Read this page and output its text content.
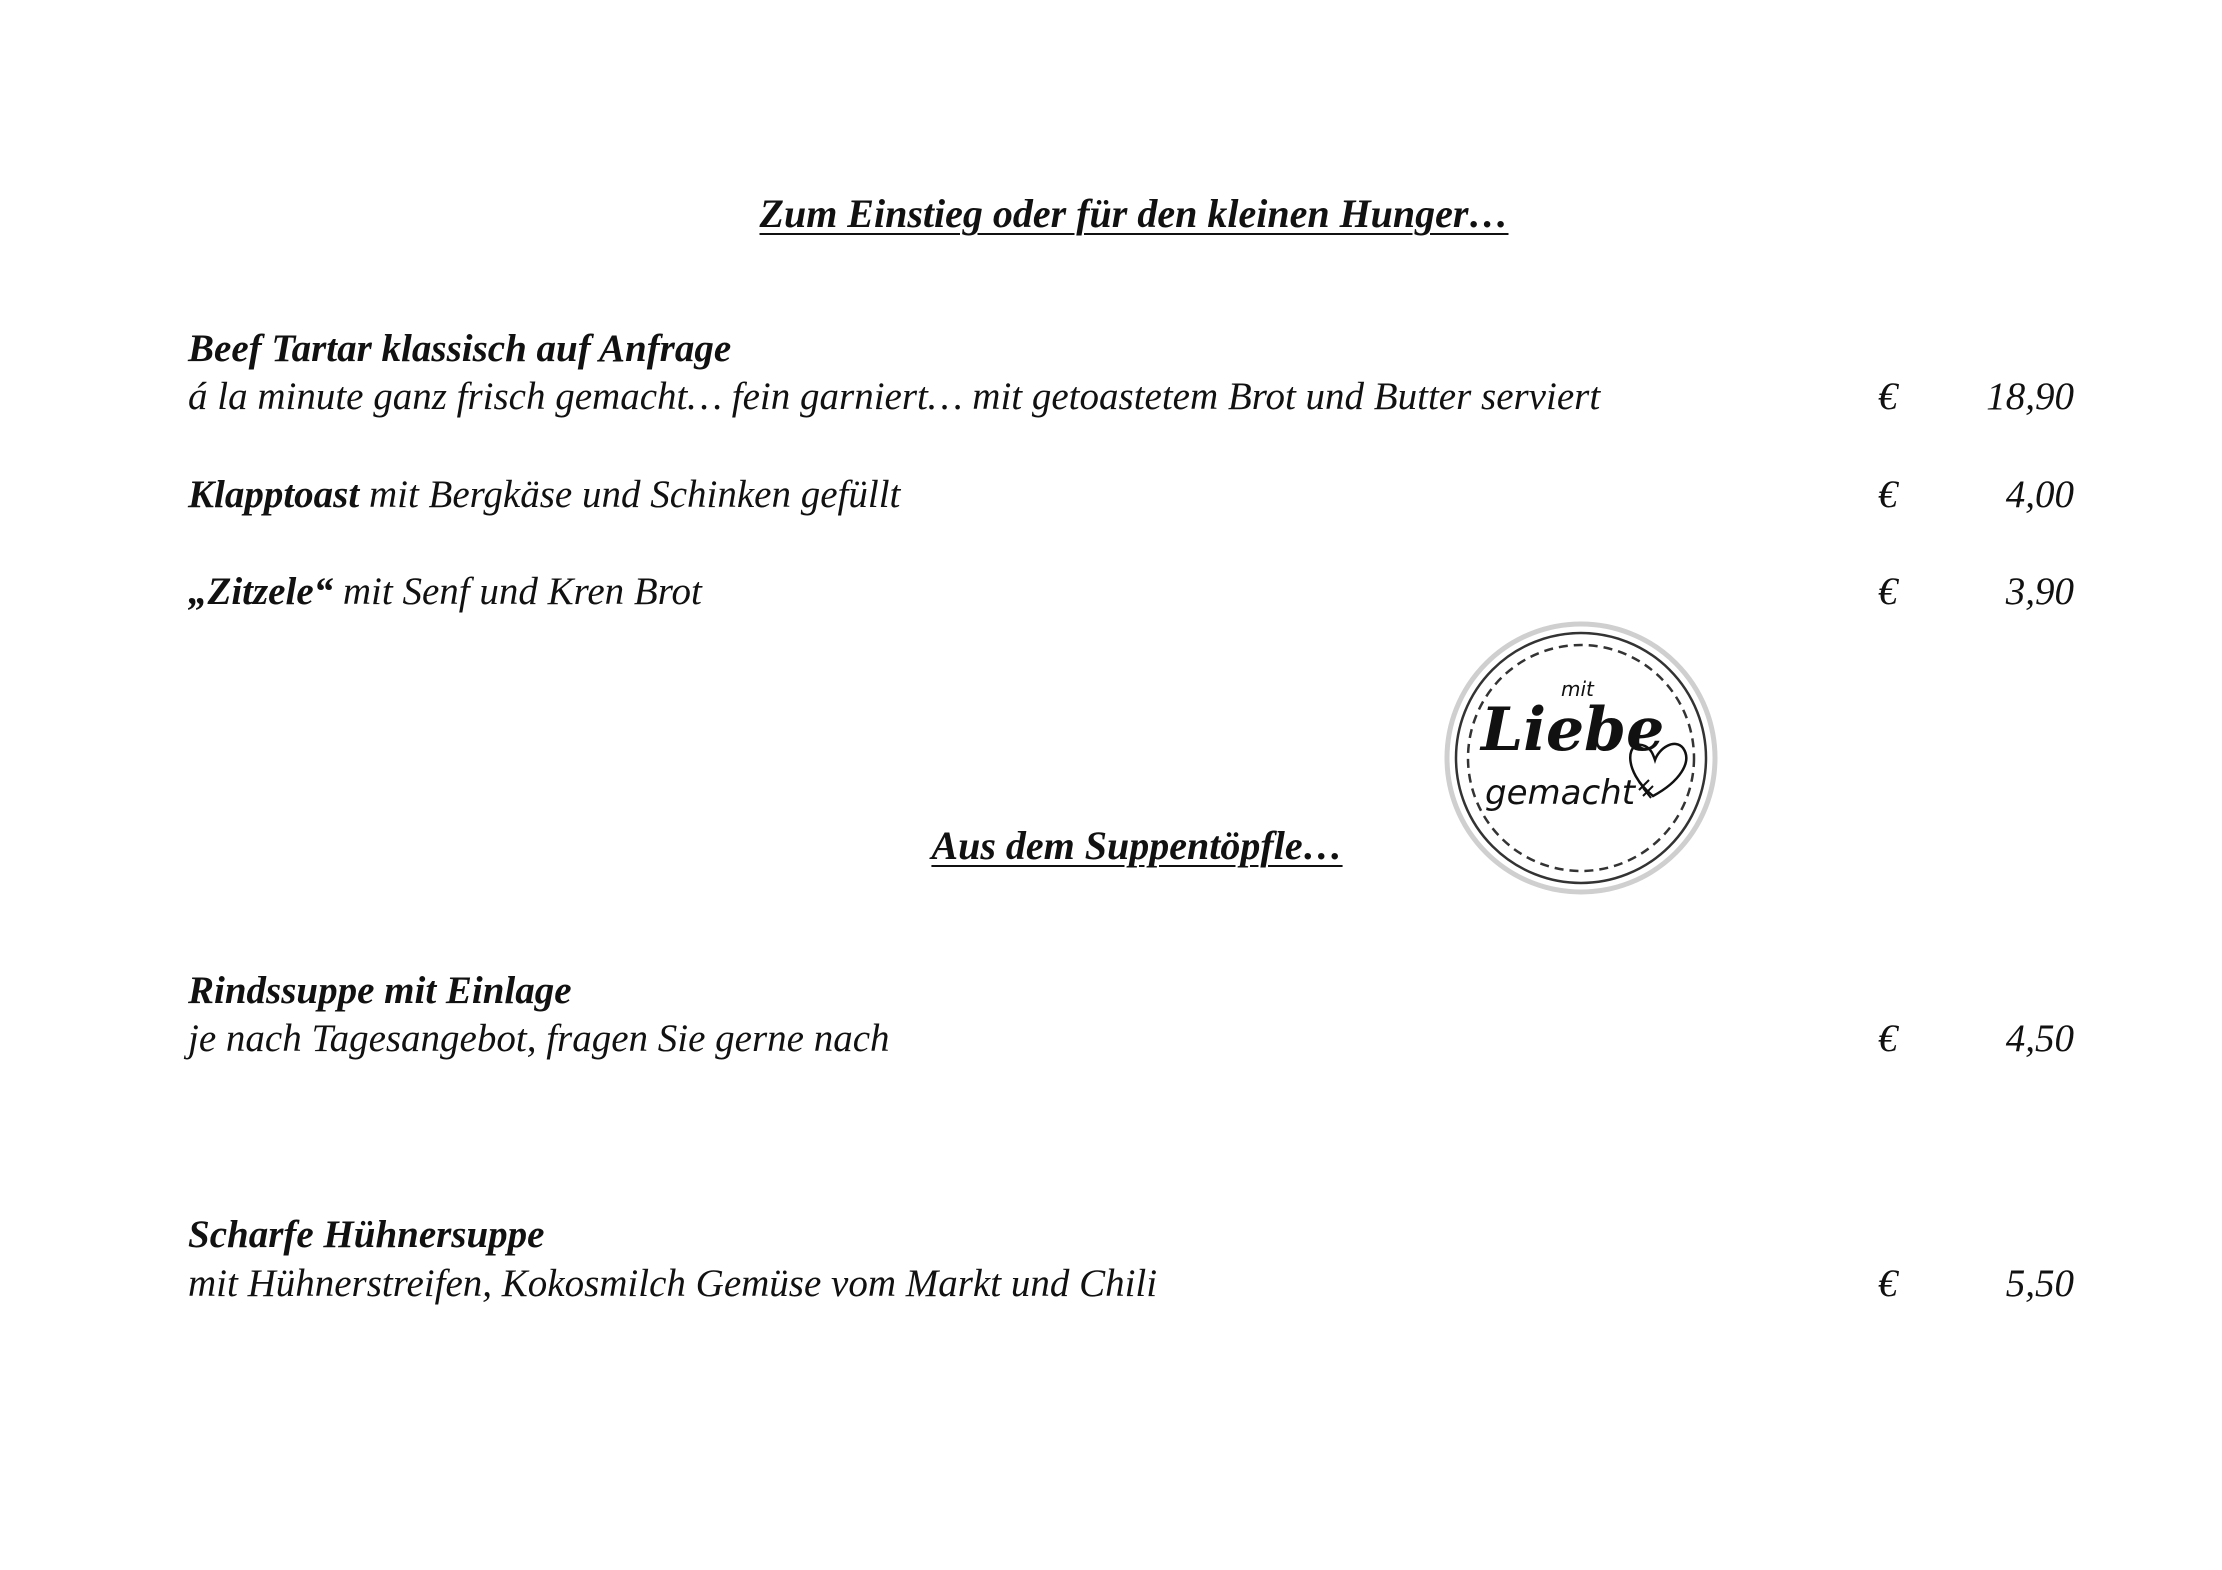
Zum Einstieg oder für den kleinen Hunger…
Beef Tartar klassisch auf Anfrage
á la minute ganz frisch gemacht… fein garniert… mit getoastetem Brot und Butter serviert	€ 18,90
Klapptoast mit Bergkäse und Schinken gefüllt	€	4,00
„Zitzele“ mit Senf und Kren Brot	€	3,90
mit
Liebe
gemacht
Aus dem Suppentöpfle…
Rindssuppe mit Einlage
je nach Tagesangebot, fragen Sie gerne nach	€	4,50
Scharfe Hühnersuppe
mit Hühnerstreifen, Kokosmilch Gemüse vom Markt und Chili	€	5,50
